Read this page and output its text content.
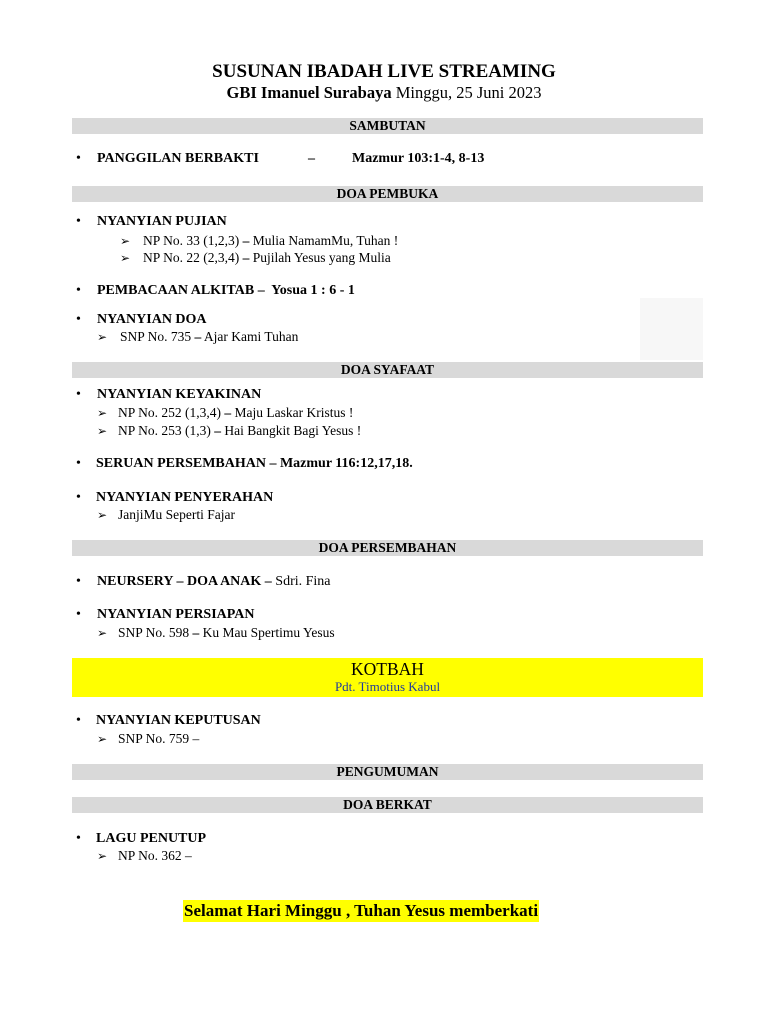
SUSUNAN IBADAH LIVE STREAMING
GBI Imanuel Surabaya Minggu, 25 Juni 2023
SAMBUTAN
• PANGGILAN BERBAKTI	–	Mazmur 103:1-4, 8-13
DOA PEMBUKA
• NYANYIAN PUJIAN
➢ NP No. 33 (1,2,3) – Mulia NamamMu, Tuhan !
➢ NP No. 22 (2,3,4) – Pujilah Yesus yang Mulia
• PEMBACAAN ALKITAB – Yosua 1 : 6 - 1
• NYANYIAN DOA
➢ SNP No. 735 – Ajar Kami Tuhan
DOA SYAFAAT
• NYANYIAN KEYAKINAN
➢ NP No. 252 (1,3,4) – Maju Laskar Kristus !
➢ NP No. 253 (1,3) – Hai Bangkit Bagi Yesus !
• SERUAN PERSEMBAHAN – Mazmur 116:12,17,18.
• NYANYIAN PENYERAHAN
➢ JanjiMu Seperti Fajar
DOA PERSEMBAHAN
• NEURSERY – DOA ANAK – Sdri. Fina
• NYANYIAN PERSIAPAN
➢ SNP No. 598 – Ku Mau Spertimu Yesus
KOTBAH
Pdt. Timotius Kabul
• NYANYIAN KEPUTUSAN
➢ SNP No. 759 –
PENGUMUMAN
DOA BERKAT
• LAGU PENUTUP
➢ NP No. 362 –
Selamat Hari Minggu , Tuhan Yesus memberkati
